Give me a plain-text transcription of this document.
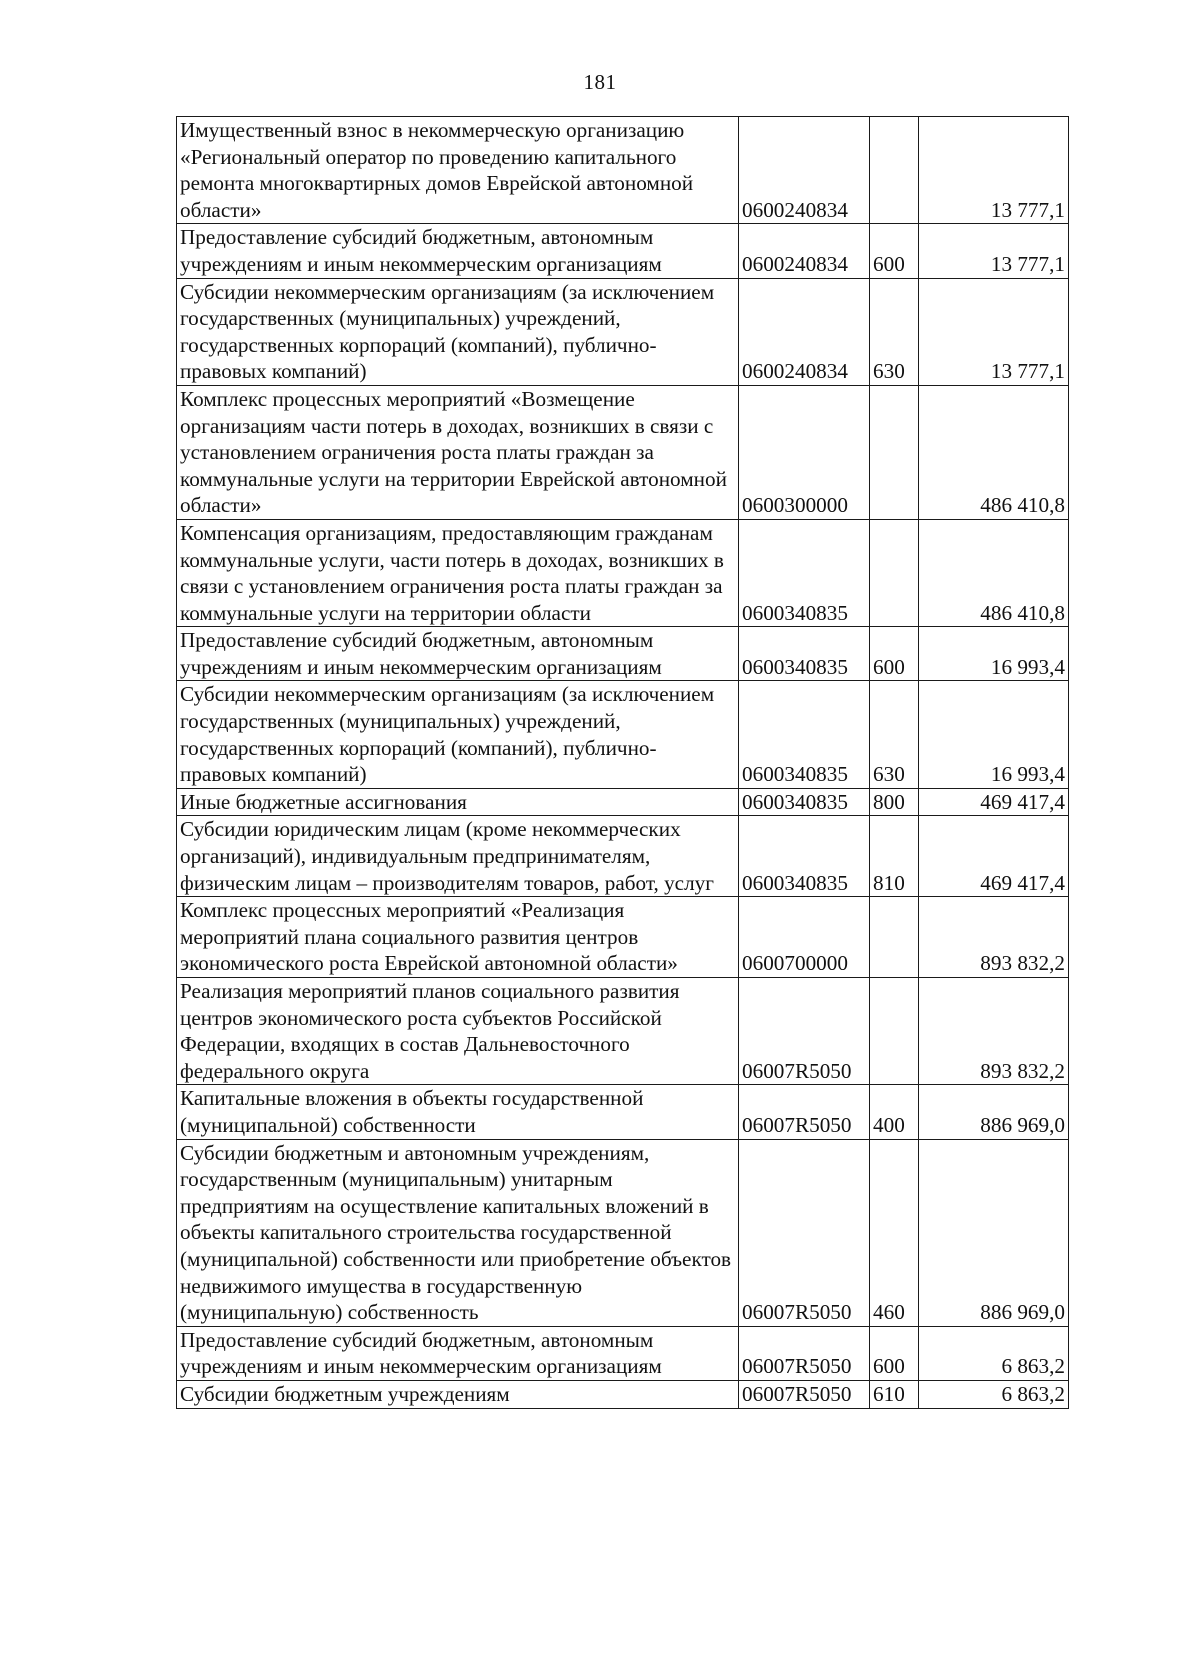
181
Имущественный взнос в некоммерческую организацию «Региональный оператор по проведению капитального ремонта многоквартирных домов Еврейской автономной области»	0600240834		13 777,1
Предоставление субсидий бюджетным, автономным учреждениям и иным некоммерческим организациям	0600240834	600	13 777,1
Субсидии некоммерческим организациям (за исключением государственных (муниципальных) учреждений, государственных корпораций (компаний), публично-правовых компаний)	0600240834	630	13 777,1
Комплекс процессных мероприятий «Возмещение организациям части потерь в доходах, возникших в связи с установлением ограничения роста платы граждан за коммунальные услуги на территории Еврейской автономной области»	0600300000		486 410,8
Компенсация организациям, предоставляющим гражданам коммунальные услуги, части потерь в доходах, возникших в связи с установлением ограничения роста платы граждан за коммунальные услуги на территории области	0600340835		486 410,8
Предоставление субсидий бюджетным, автономным учреждениям и иным некоммерческим организациям	0600340835	600	16 993,4
Субсидии некоммерческим организациям (за исключением государственных (муниципальных) учреждений, государственных корпораций (компаний), публично-правовых компаний)	0600340835	630	16 993,4
Иные бюджетные ассигнования	0600340835	800	469 417,4
Субсидии юридическим лицам (кроме некоммерческих организаций), индивидуальным предпринимателям, физическим лицам – производителям товаров, работ, услуг	0600340835	810	469 417,4
Комплекс процессных мероприятий «Реализация мероприятий плана социального развития центров экономического роста Еврейской автономной области»	0600700000		893 832,2
Реализация мероприятий планов социального развития центров экономического роста субъектов Российской Федерации, входящих в состав Дальневосточного федерального округа	06007R5050		893 832,2
Капитальные вложения в объекты государственной (муниципальной) собственности	06007R5050	400	886 969,0
Субсидии бюджетным и автономным учреждениям, государственным (муниципальным) унитарным предприятиям на осуществление капитальных вложений в объекты капитального строительства государственной (муниципальной) собственности или приобретение объектов недвижимого имущества в государственную (муниципальную) собственность	06007R5050	460	886 969,0
Предоставление субсидий бюджетным, автономным учреждениям и иным некоммерческим организациям	06007R5050	600	6 863,2
Субсидии бюджетным учреждениям	06007R5050	610	6 863,2
